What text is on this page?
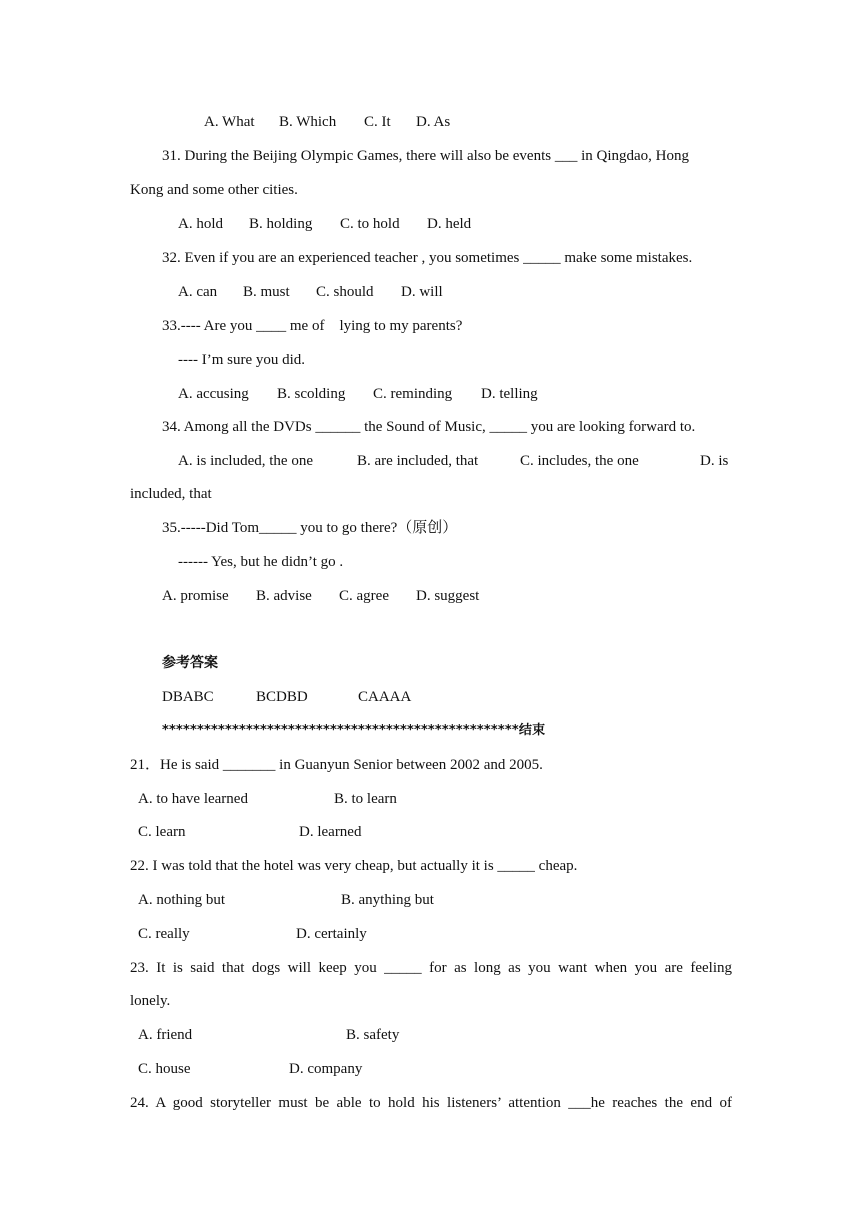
A. What B. Which C. It D. As
31. During the Beijing Olympic Games, there will also be events ___ in Qingdao, Hong
Kong and some other cities.
A. hold B. holding C. to hold D. held
32. Even if you are an experienced teacher , you sometimes _____ make some mistakes.
A. can B. must C. should D. will
33.---- Are you ____ me of    lying to my parents?
---- I’m sure you did.
A. accusing B. scolding C. reminding D. telling
34. Among all the DVDs ______ the Sound of Music, _____ you are looking forward to.
A. is included, the one	B. are included, that	C. includes, the one	D. is
included, that
35.-----Did Tom_____ you to go there?（原创）
------ Yes, but he didn’t go .
A. promise B. advise C. agree D. suggest
参考答案
DBABC	BCDBD	CAAAA
***************************************************结束
21．He is said _______ in Guanyun Senior between 2002 and 2005.
A. to have learned	B. to learn
C. learn	D. learned
22. I was told that the hotel was very cheap, but actually it is _____ cheap.
A. nothing but	B. anything but
C. really	D. certainly
23. It is said that dogs will keep you _____ for as long as you want when you are feeling
lonely.
A. friend	B. safety
C. house	D. company
24. A good storyteller must be able to hold his listeners’ attention ___he reaches the end of
